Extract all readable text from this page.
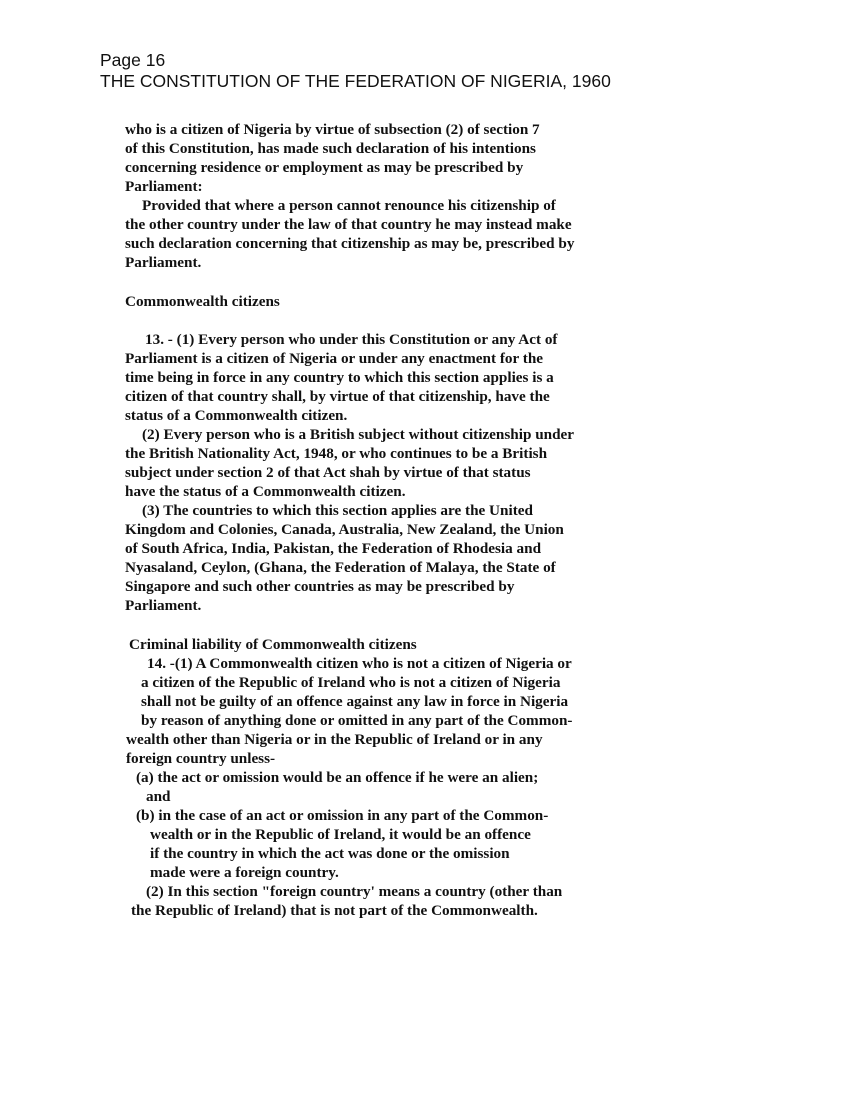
Page 16
THE CONSTITUTION OF THE FEDERATION OF NIGERIA, 1960
who is a citizen of Nigeria by virtue of subsection (2) of section 7
of this Constitution, has made such declaration of his intentions
concerning residence or employment as may be prescribed by
Parliament:
Provided that where a person cannot renounce his citizenship of
the other country under the law of that country he may instead make
such declaration concerning that citizenship as may be, prescribed by
Parliament.
Commonwealth citizens
13. - (1) Every person who under this Constitution or any Act of
Parliament is a citizen of Nigeria or under any enactment for the
time being in force in any country to which this section applies is a
citizen of that country shall, by virtue of that citizenship, have the
status of a Commonwealth citizen.
(2) Every person who is a British subject without citizenship under
the British Nationality Act, 1948, or who continues to be a British
subject under section 2 of that Act shah by virtue of that status
have the status of a Commonwealth citizen.
(3) The countries to which this section applies are the United
Kingdom and Colonies, Canada, Australia, New Zealand, the Union
of South Africa, India, Pakistan, the Federation of Rhodesia and
Nyasaland, Ceylon, (Ghana, the Federation of Malaya, the State of
Singapore and such other countries as may be prescribed by
Parliament.
Criminal liability of Commonwealth citizens
14. -(1) A Commonwealth citizen who is not a citizen of Nigeria or
a citizen of the Republic of Ireland who is not a citizen of Nigeria
shall not be guilty of an offence against any law in force in Nigeria
by reason of anything done or omitted in any part of the Common-
wealth other than Nigeria or in the Republic of Ireland or in any
foreign country unless-
(a) the act or omission would be an offence if he were an alien;
and
(b) in the case of an act or omission in any part of the Common-
wealth or in the Republic of Ireland, it would be an offence
if the country in which the act was done or the omission
made were a foreign country.
(2) In this section "foreign country' means a country (other than
the Republic of Ireland) that is not part of the Commonwealth.
